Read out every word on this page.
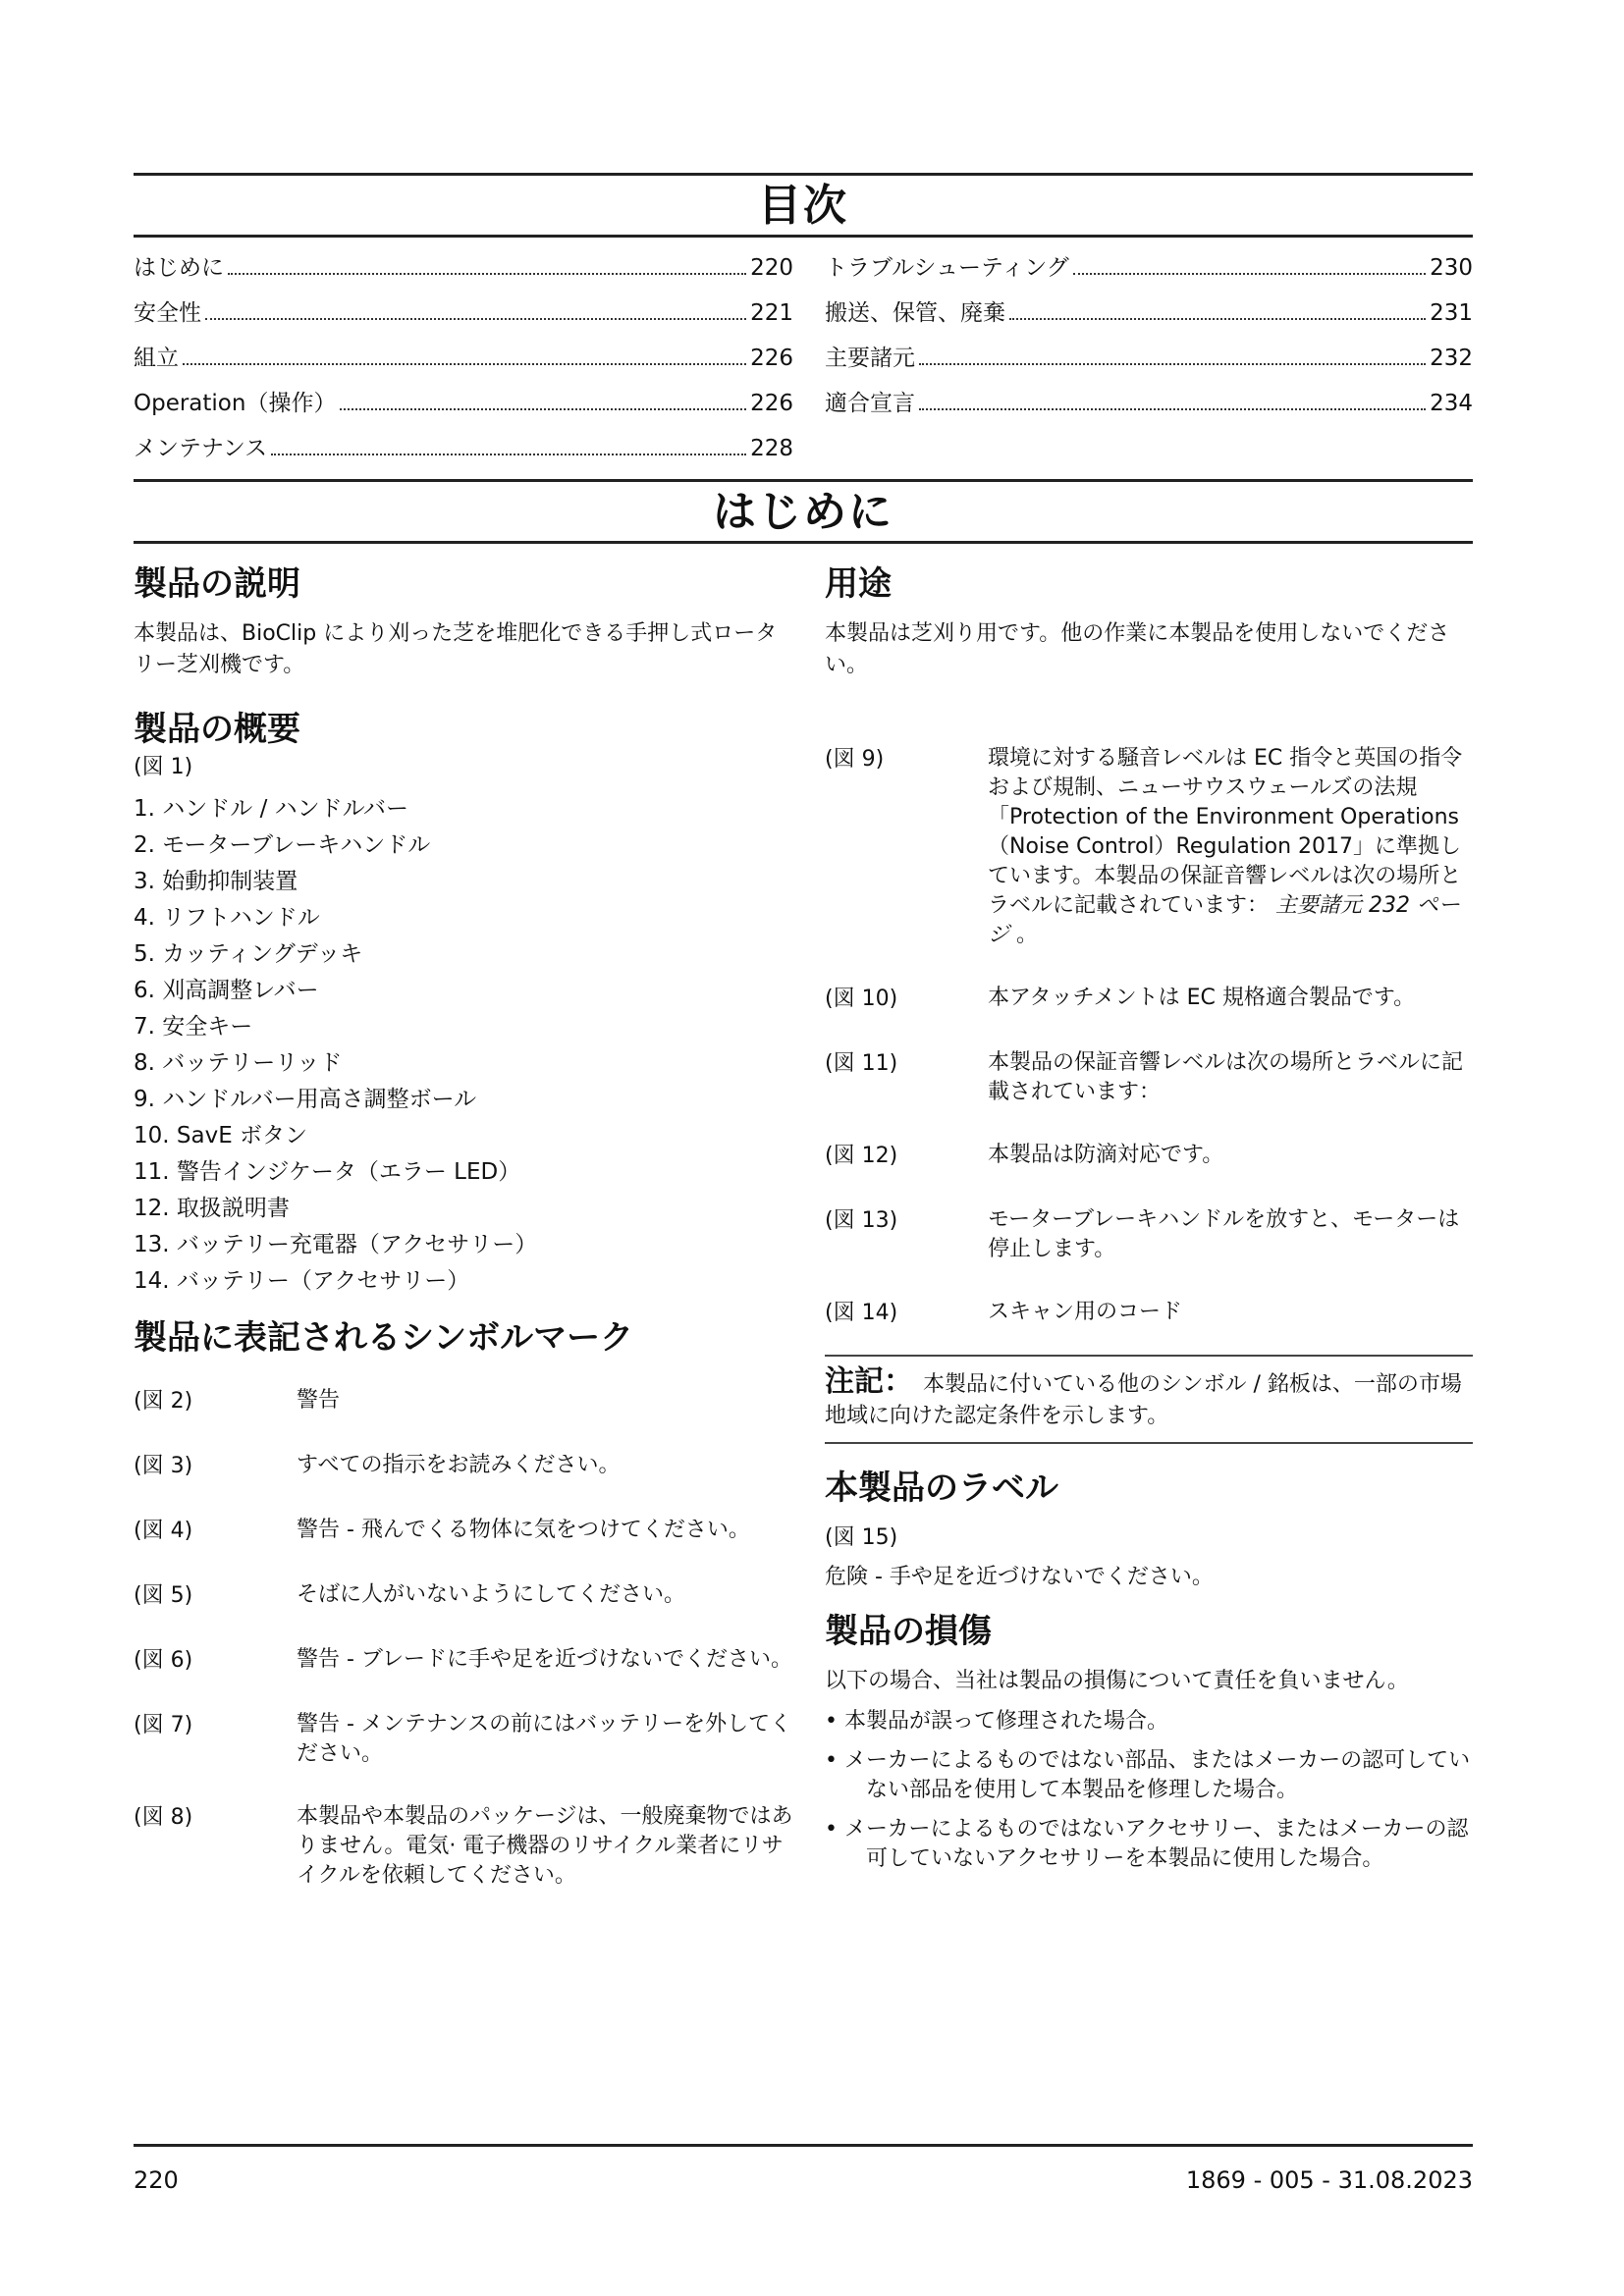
目次
はじめに	220
安全性	221
組立	226
Operation（操作）	226
メンテナンス	228
トラブルシューティング	230
搬送、保管、廃棄	231
主要諸元	232
適合宣言	234
はじめに
製品の説明

本製品は、BioClip により刈った芝を堆肥化できる手押し式ロータリー芝刈機です。

製品の概要
(図 1)
1. ハンドル / ハンドルバー
2. モーターブレーキハンドル
3. 始動抑制装置
4. リフトハンドル
5. カッティングデッキ
6. 刈高調整レバー
7. 安全キー
8. バッテリーリッド
9. ハンドルバー用高さ調整ボール
10. SavE ボタン
11. 警告インジケータ（エラー LED）
12. 取扱説明書
13. バッテリー充電器（アクセサリー）
14. バッテリー（アクセサリー）
製品に表記されるシンボルマーク
(図 2)	警告
(図 3)	すべての指示をお読みください。
(図 4)	警告 - 飛んでくる物体に気をつけてください。
(図 5)	そばに人がいないようにしてください。
(図 6)	警告 - ブレードに手や足を近づけないでください。
(図 7)	警告 - メンテナンスの前にはバッテリーを外してください。
(図 8)	本製品や本製品のパッケージは、一般廃棄物ではありません。電気· 電子機器のリサイクル業者にリサイクルを依頼してください。
用途

本製品は芝刈り用です。他の作業に本製品を使用しないでください。

(図 9)	環境に対する騒音レベルは EC 指令と英国の指令および規制、ニューサウスウェールズの法規「Protection of the Environment Operations（Noise Control）Regulation 2017」に準拠しています。本製品の保証音響レベルは次の場所とラベルに記載されています： 主要諸元 232 ページ 。
(図 10)	本アタッチメントは EC 規格適合製品です。
(図 11)	本製品の保証音響レベルは次の場所とラベルに記載されています：
(図 12)	本製品は防滴対応です。
(図 13)	モーターブレーキハンドルを放すと、モーターは停止します。
(図 14)	スキャン用のコード
注記： 本製品に付いている他のシンボル / 銘板は、一部の市場地域に向けた認定条件を示します。
本製品のラベル
(図 15)

危険 - 手や足を近づけないでください。

製品の損傷

以下の場合、当社は製品の損傷について責任を負いません。

• 本製品が誤って修理された場合。
• メーカーによるものではない部品、またはメーカーの認可していない部品を使用して本製品を修理した場合。
• メーカーによるものではないアクセサリー、またはメーカーの認可していないアクセサリーを本製品に使用した場合。
220	1869 - 005 - 31.08.2023
